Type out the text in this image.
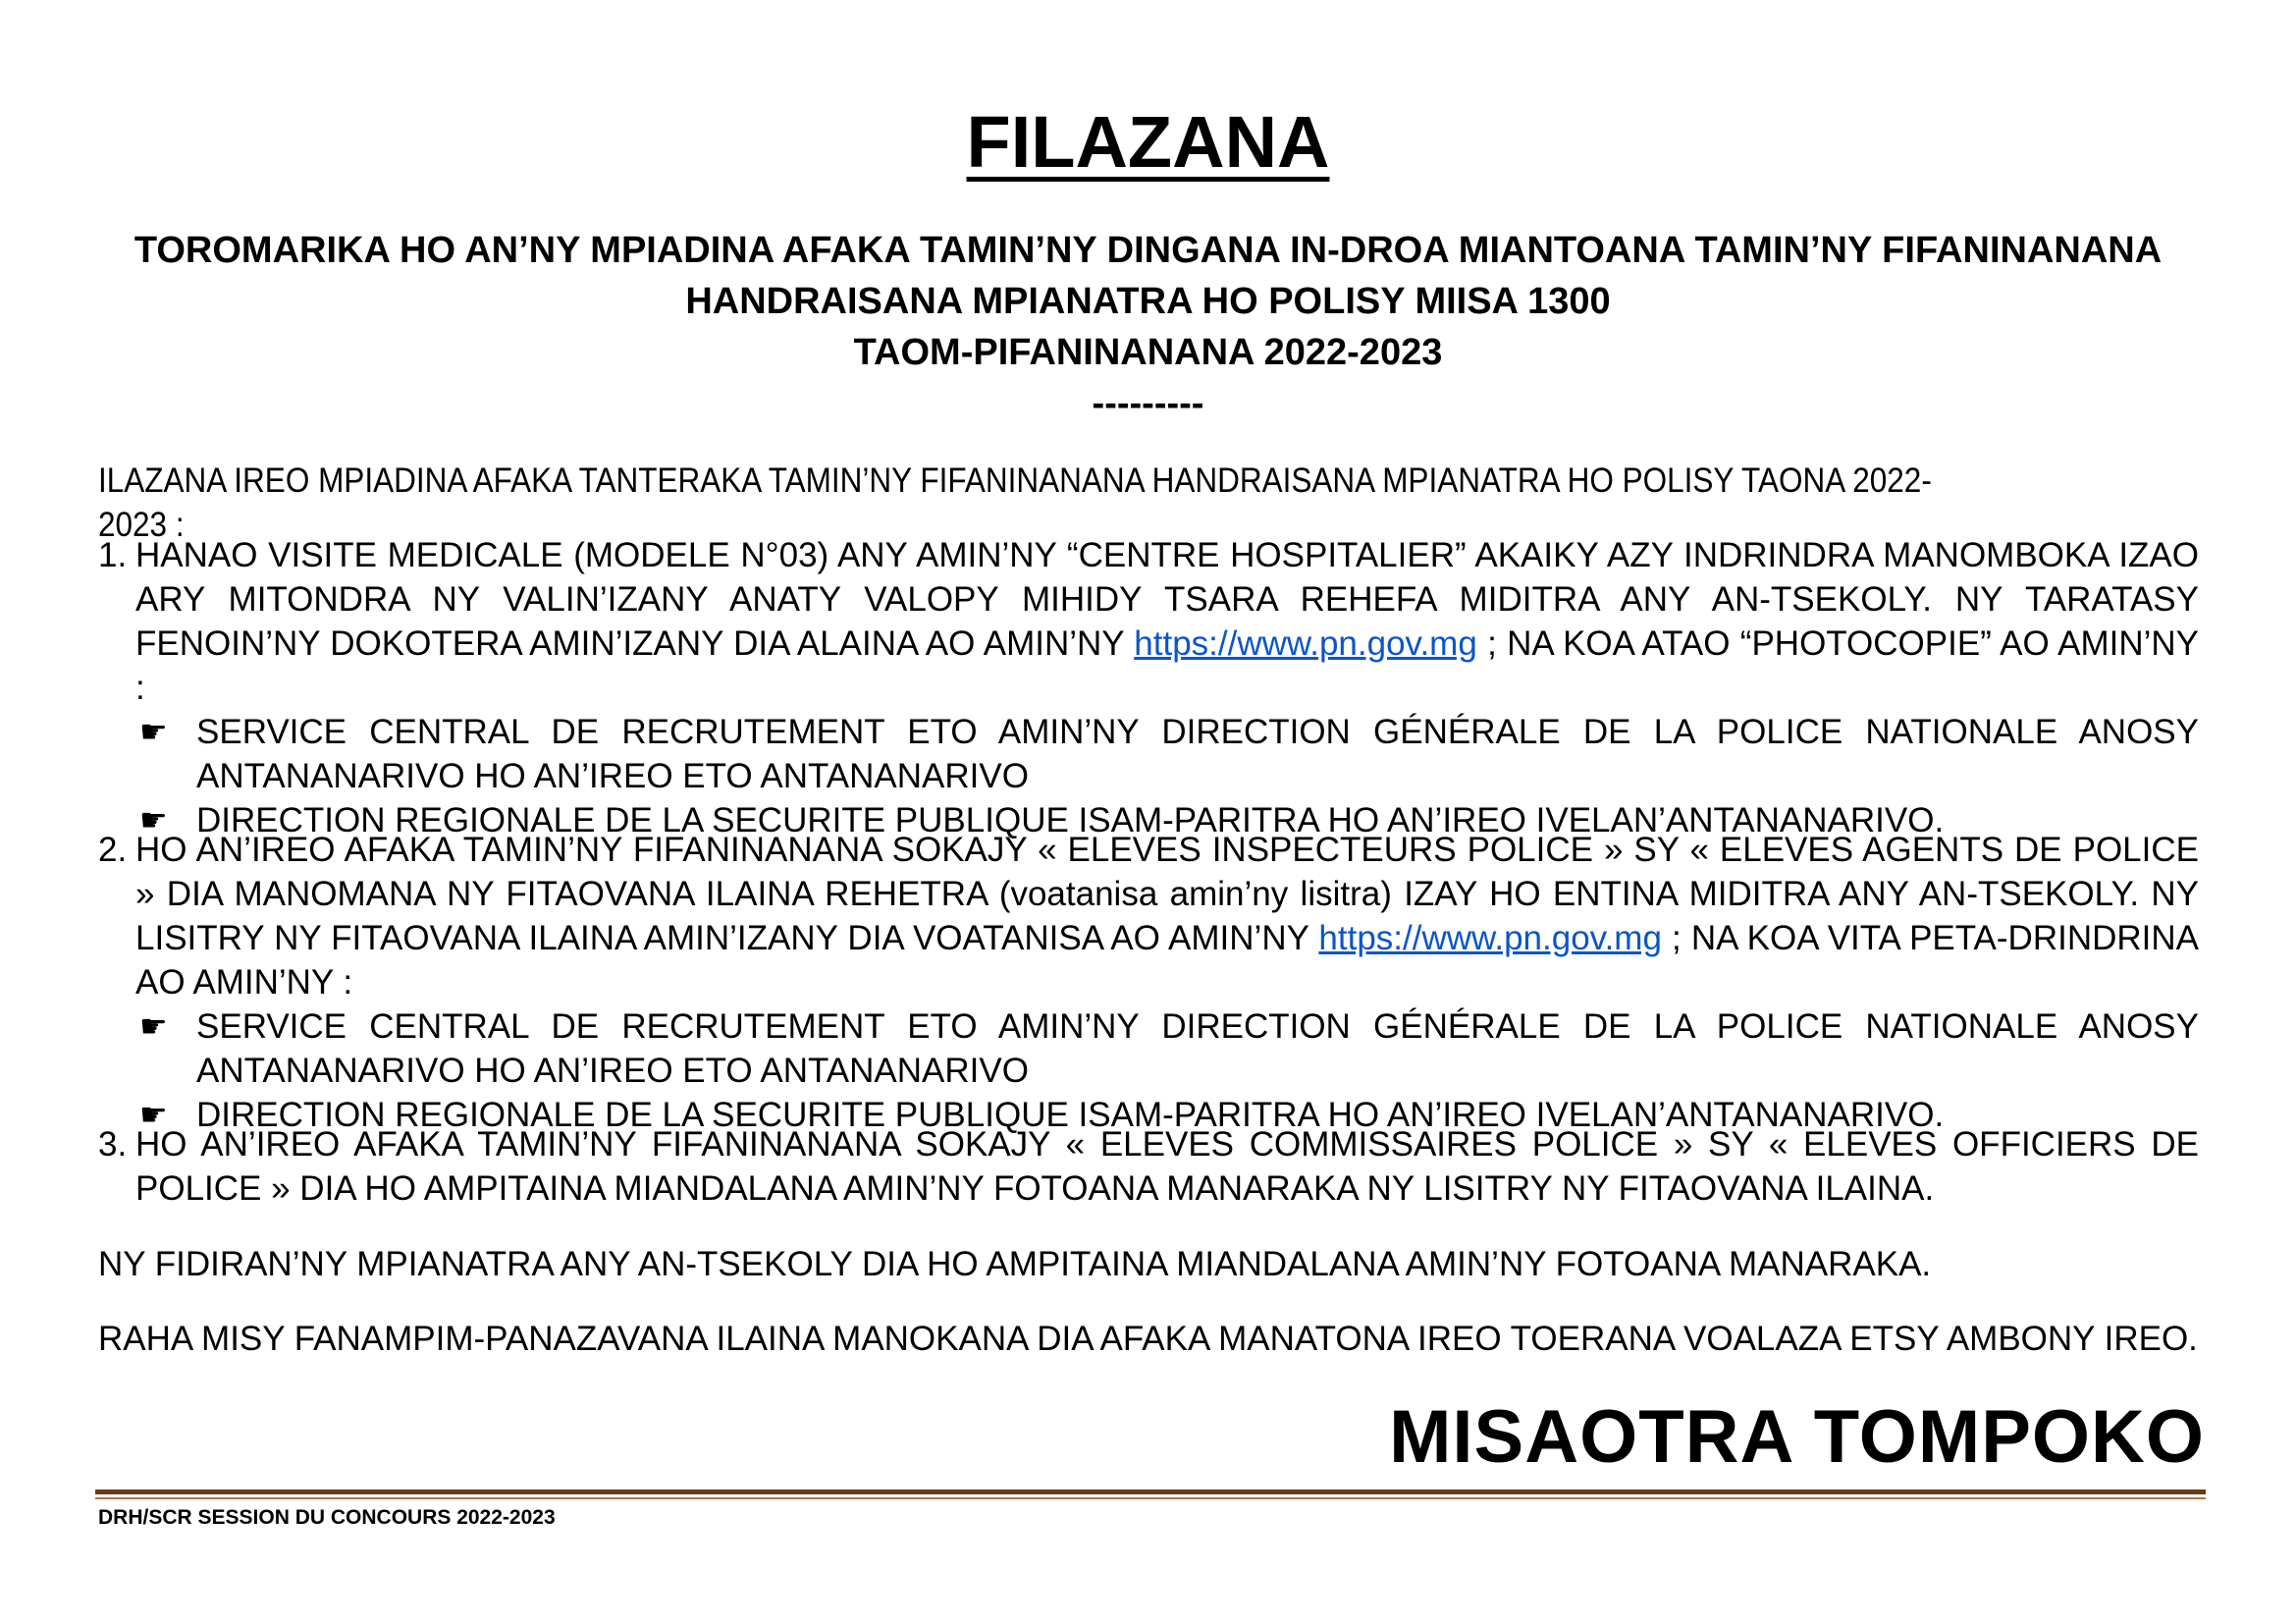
FILAZANA
TOROMARIKA HO AN’NY MPIADINA AFAKA TAMIN’NY DINGANA IN-DROA MIANTOANA TAMIN’NY FIFANINANANA
HANDRAISANA MPIANATRA HO POLISY MIISA 1300
TAOM-PIFANINANANA 2022-2023
---------
ILAZANA IREO MPIADINA AFAKA TANTERAKA TAMIN’NY FIFANINANANA HANDRAISANA MPIANATRA HO POLISY TAONA 2022-2023 :
1. HANAO VISITE MEDICALE (MODELE N°03) ANY AMIN’NY “CENTRE HOSPITALIER” AKAIKY AZY INDRINDRA MANOMBOKA IZAO ARY MITONDRA NY VALIN’IZANY ANATY VALOPY MIHIDY TSARA REHEFA MIDITRA ANY AN-TSEKOLY. NY TARATASY FENOIN’NY DOKOTERA AMIN’IZANY DIA ALAINA AO AMIN’NY https://www.pn.gov.mg ; NA KOA ATAO “PHOTOCOPIE” AO AMIN’NY :
☛ SERVICE CENTRAL DE RECRUTEMENT ETO AMIN’NY DIRECTION GÉNÉRALE DE LA POLICE NATIONALE ANOSY ANTANANARIVO HO AN’IREO ETO ANTANANARIVO
☛ DIRECTION REGIONALE DE LA SECURITE PUBLIQUE ISAM-PARITRA HO AN’IREO IVELAN’ANTANANARIVO.
2. HO AN’IREO AFAKA TAMIN’NY FIFANINANANA SOKAJY « ELEVES INSPECTEURS POLICE » SY « ELEVES AGENTS DE POLICE » DIA MANOMANA NY FITAOVANA ILAINA REHETRA (voatanisa amin’ny lisitra) IZAY HO ENTINA MIDITRA ANY AN-TSEKOLY. NY LISITRY NY FITAOVANA ILAINA AMIN’IZANY DIA VOATANISA AO AMIN’NY https://www.pn.gov.mg ; NA KOA VITA PETA-DRINDRINA AO AMIN’NY :
☛ SERVICE CENTRAL DE RECRUTEMENT ETO AMIN’NY DIRECTION GÉNÉRALE DE LA POLICE NATIONALE ANOSY ANTANANARIVO HO AN’IREO ETO ANTANANARIVO
☛ DIRECTION REGIONALE DE LA SECURITE PUBLIQUE ISAM-PARITRA HO AN’IREO IVELAN’ANTANANARIVO.
3. HO AN’IREO AFAKA TAMIN’NY FIFANINANANA SOKAJY « ELEVES COMMISSAIRES POLICE » SY « ELEVES OFFICIERS DE POLICE » DIA HO AMPITAINA MIANDALANA AMIN’NY FOTOANA MANARAKA NY LISITRY NY FITAOVANA ILAINA.
NY FIDIRAN’NY MPIANATRA ANY AN-TSEKOLY DIA HO AMPITAINA MIANDALANA AMIN’NY FOTOANA MANARAKA.
RAHA MISY FANAMPIM-PANAZAVANA ILAINA MANOKANA DIA AFAKA MANATONA IREO TOERANA VOALAZA ETSY AMBONY IREO.
MISAOTRA TOMPOKO
DRH/SCR SESSION DU CONCOURS 2022-2023
